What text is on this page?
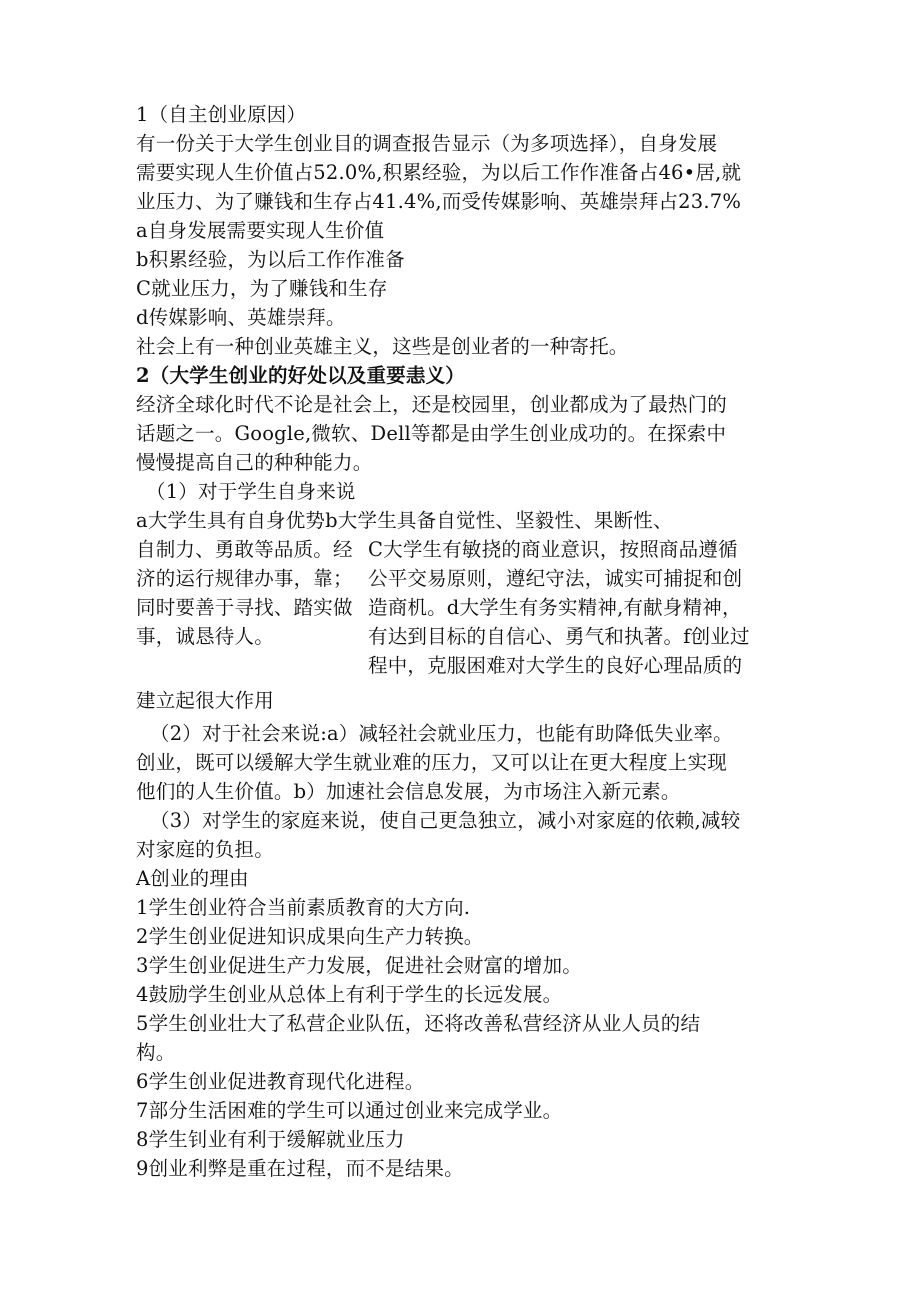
1（自主创业原因）
有一份关于大学生创业目的调查报告显示（为多项选择），自身发展
需要实现人生价值占52.0%,积累经验，为以后工作作准备占46•居,就
业压力、为了赚钱和生存占41.4%,而受传媒影响、英雄崇拜占23.7%
a自身发展需要实现人生价值
b积累经验，为以后工作作准备
C就业压力，为了赚钱和生存
d传媒影响、英雄崇拜。
社会上有一种创业英雄主义，这些是创业者的一种寄托。
2（大学生创业的好处以及重要恚义）
经济全球化时代不论是社会上，还是校园里，创业都成为了最热门的
话题之一。Google,微软、Dell等都是由学生创业成功的。在探索中
慢慢提高自己的种种能力。
（1）对于学生自身来说
a大学生具有自身优势b大学生具备自觉性、坚毅性、果断性、
自制力、勇敢等品质。经
济的运行规律办事，靠；
同时要善于寻找、踏实做
事，诚恳待人。
C大学生有敏挠的商业意识，按照商品遵循
公平交易原则，遵纪守法，诚实可捕捉和创
造商机。d大学生有务实精神,有献身精神，
有达到目标的自信心、勇气和执著。f创业过
程中，克服困难对大学生的良好心理品质的
建立起很大作用
（2）对于社会来说:a）减轻社会就业压力，也能有助降低失业率。
创业，既可以缓解大学生就业难的压力，又可以让在更大程度上实现
他们的人生价值。b）加速社会信息发展，为市场注入新元素。
（3）对学生的家庭来说，使自己更急独立，减小对家庭的依赖,减较
对家庭的负担。
A创业的理由
1学生创业符合当前素质教育的大方向.
2学生创业促进知识成果向生产力转换。
3学生创业促进生产力发展，促进社会财富的增加。
4鼓励学生创业从总体上有利于学生的长远发展。
5学生创业壮大了私营企业队伍，还将改善私营经济从业人员的结
构。
6学生创业促进教育现代化进程。
7部分生活困难的学生可以通过创业来完成学业。
8学生钊业有利于缓解就业压力
9创业利弊是重在过程，而不是结果。
